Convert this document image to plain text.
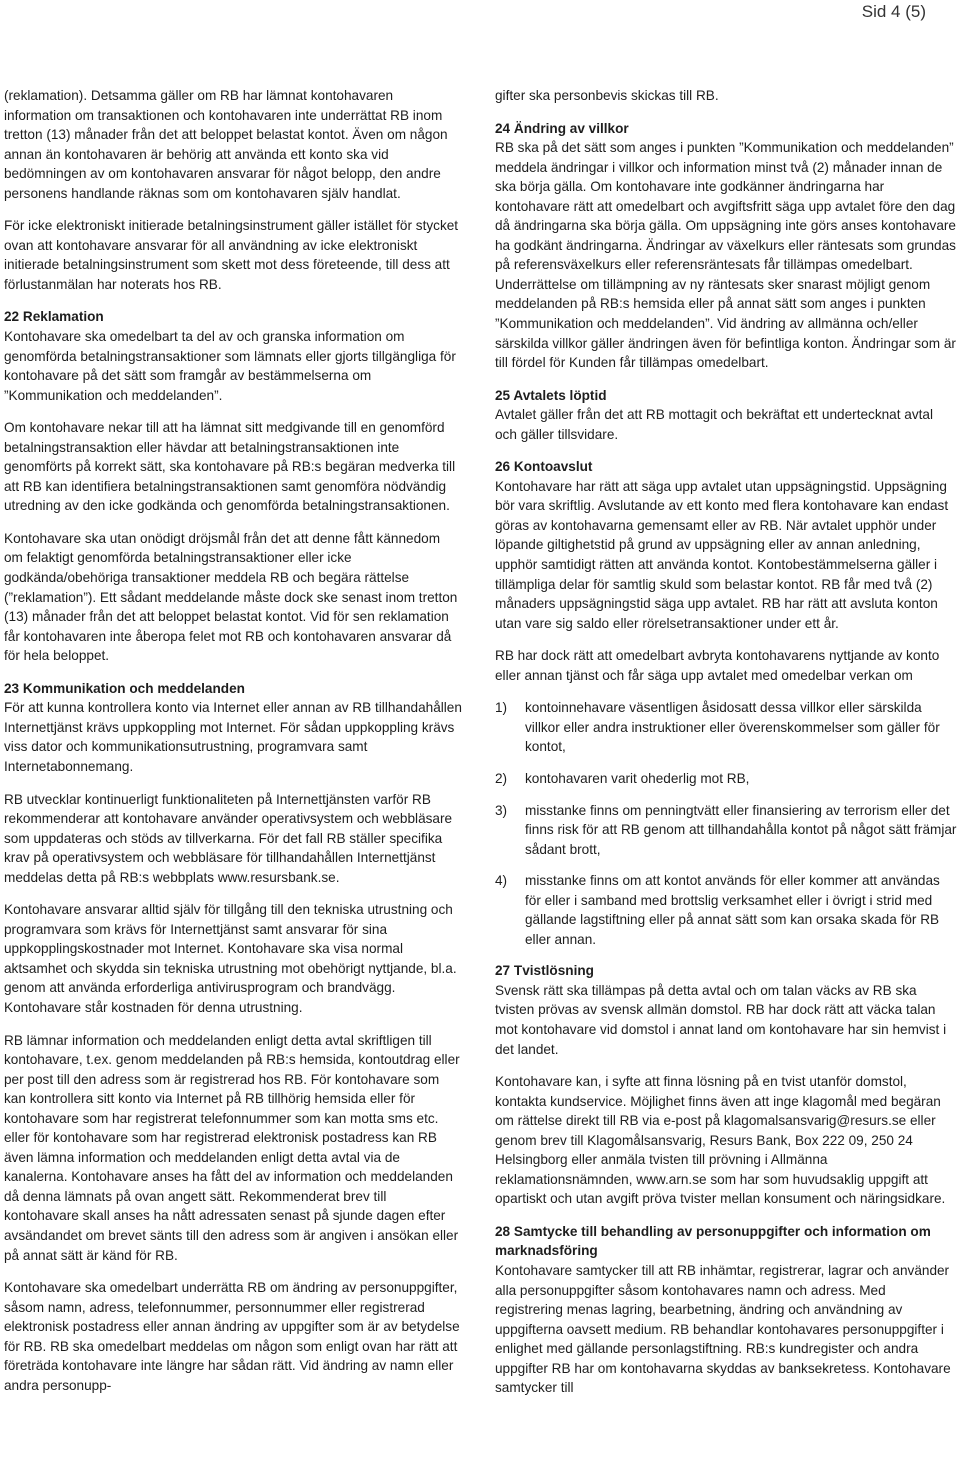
Sid 4 (5)

(reklamation). Detsamma gäller om RB har lämnat kontohavaren information om transaktionen och kontohavaren inte underrättat RB inom tretton (13) månader från det att beloppet belastat kontot. Även om någon annan än kontohavaren är behörig att använda ett konto ska vid bedömningen av om kontohavaren ansvarar för något belopp, den andre personens handlande räknas som om kontohavaren själv handlat.

För icke elektroniskt initierade betalningsinstrument gäller istället för stycket ovan att kontohavare ansvarar för all användning av icke elektroniskt initierade betalningsinstrument som skett mot dess företeende, till dess att förlustanmälan har noterats hos RB.

22 Reklamation

Kontohavare ska omedelbart ta del av och granska information om genomförda betalningstransaktioner som lämnats eller gjorts tillgängliga för kontohavare på det sätt som framgår av bestämmelserna om ”Kommunikation och meddelanden”.

Om kontohavare nekar till att ha lämnat sitt medgivande till en genomförd betalningstransaktion eller hävdar att betalningstransaktionen inte genomförts på korrekt sätt, ska kontohavare på RB:s begäran medverka till att RB kan identifiera betalningstransaktionen samt genomföra nödvändig utredning av den icke godkända och genomförda betalningstransaktionen.

Kontohavare ska utan onödigt dröjsmål från det att denne fått kännedom om felaktigt genomförda betalningstransaktioner eller icke godkända/obehöriga transaktioner meddela RB och begära rättelse (”reklamation”). Ett sådant meddelande måste dock ske senast inom tretton (13) månader från det att beloppet belastat kontot. Vid för sen reklamation får kontohavaren inte åberopa felet mot RB och kontohavaren ansvarar då för hela beloppet.

23 Kommunikation och meddelanden

För att kunna kontrollera konto via Internet eller annan av RB tillhandahållen Internettjänst krävs uppkoppling mot Internet. För sådan uppkoppling krävs viss dator och kommunikationsutrustning, programvara samt Internetabonnemang.

RB utvecklar kontinuerligt funktionaliteten på Internettjänsten varför RB rekommenderar att kontohavare använder operativsystem och webbläsare som uppdateras och stöds av tillverkarna. För det fall RB ställer specifika krav på operativsystem och webbläsare för tillhandahållen Internettjänst meddelas detta på RB:s webbplats www.resursbank.se.

Kontohavare ansvarar alltid själv för tillgång till den tekniska utrustning och programvara som krävs för Internettjänst samt ansvarar för sina uppkopplingskostnader mot Internet. Kontohavare ska visa normal aktsamhet och skydda sin tekniska utrustning mot obehörigt nyttjande, bl.a. genom att använda erforderliga antivirusprogram och brandvägg. Kontohavare står kostnaden för denna utrustning.

RB lämnar information och meddelanden enligt detta avtal skriftligen till kontohavare, t.ex. genom meddelanden på RB:s hemsida, kontoutdrag eller per post till den adress som är registrerad hos RB. För kontohavare som kan kontrollera sitt konto via Internet på RB tillhörig hemsida eller för kontohavare som har registrerat telefonnummer som kan motta sms etc. eller för kontohavare som har registrerad elektronisk postadress kan RB även lämna information och meddelanden enligt detta avtal via de kanalerna. Kontohavare anses ha fått del av information och meddelanden då denna lämnats på ovan angett sätt. Rekommenderat brev till kontohavare skall anses ha nått adressaten senast på sjunde dagen efter avsändandet om brevet sänts till den adress som är angiven i ansökan eller på annat sätt är känd för RB.

Kontohavare ska omedelbart underrätta RB om ändring av personuppgifter, såsom namn, adress, telefonnummer, personnummer eller registrerad elektronisk postadress eller annan ändring av uppgifter som är av betydelse för RB. RB ska omedelbart meddelas om någon som enligt ovan har rätt att företräda kontohavare inte längre har sådan rätt. Vid ändring av namn eller andra personupp-

gifter ska personbevis skickas till RB.

24 Ändring av villkor

RB ska på det sätt som anges i punkten ”Kommunikation och meddelanden” meddela ändringar i villkor och information minst två (2) månader innan de ska börja gälla. Om kontohavare inte godkänner ändringarna har kontohavare rätt att omedelbart och avgiftsfritt säga upp avtalet före den dag då ändringarna ska börja gälla. Om uppsägning inte görs anses kontohavare ha godkänt ändringarna. Ändringar av växelkurs eller räntesats som grundas på referensväxelkurs eller referensräntesats får tillämpas omedelbart. Underrättelse om tillämpning av ny räntesats sker snarast möjligt genom meddelanden på RB:s hemsida eller på annat sätt som anges i punkten ”Kommunikation och meddelanden”. Vid ändring av allmänna och/eller särskilda villkor gäller ändringen även för befintliga konton. Ändringar som är till fördel för Kunden får tillämpas omedelbart.

25 Avtalets löptid

Avtalet gäller från det att RB mottagit och bekräftat ett undertecknat avtal och gäller tillsvidare.

26 Kontoavslut

Kontohavare har rätt att säga upp avtalet utan uppsägningstid. Uppsägning bör vara skriftlig. Avslutande av ett konto med flera kontohavare kan endast göras av kontohavarna gemensamt eller av RB. När avtalet upphör under löpande giltighetstid på grund av uppsägning eller av annan anledning, upphör samtidigt rätten att använda kontot. Kontobestämmelserna gäller i tillämpliga delar för samtlig skuld som belastar kontot. RB får med två (2) månaders uppsägningstid säga upp avtalet. RB har rätt att avsluta konton utan vare sig saldo eller rörelsetransaktioner under ett år.

RB har dock rätt att omedelbart avbryta kontohavarens nyttjande av konto eller annan tjänst och får säga upp avtalet med omedelbar verkan om

1)	kontoinnehavare väsentligen åsidosatt dessa villkor eller särskilda villkor eller andra instruktioner eller överenskommelser som gäller för kontot,
2)	kontohavaren varit ohederlig mot RB,
3)	misstanke finns om penningtvätt eller finansiering av terrorism eller det finns risk för att RB genom att tillhandahålla kontot på något sätt främjar sådant brott,
4)	misstanke finns om att kontot används för eller kommer att användas för eller i samband med brottslig verksamhet eller i övrigt i strid med gällande lagstiftning eller på annat sätt som kan orsaka skada för RB eller annan.
27 Tvistlösning

Svensk rätt ska tillämpas på detta avtal och om talan väcks av RB ska tvisten prövas av svensk allmän domstol. RB har dock rätt att väcka talan mot kontohavare vid domstol i annat land om kontohavare har sin hemvist i det landet.

Kontohavare kan, i syfte att finna lösning på en tvist utanför domstol, kontakta kundservice. Möjlighet finns även att inge klagomål med begäran om rättelse direkt till RB via e-post på klagomalsansvarig@resurs.se eller genom brev till Klagomålsansvarig, Resurs Bank, Box 222 09, 250 24 Helsingborg eller anmäla tvisten till prövning i Allmänna reklamationsnämnden, www.arn.se som har som huvudsaklig uppgift att opartiskt och utan avgift pröva tvister mellan konsument och näringsidkare.

28 Samtycke till behandling av personuppgifter och information om marknadsföring

Kontohavare samtycker till att RB inhämtar, registrerar, lagrar och använder alla personuppgifter såsom kontohavares namn och adress. Med registrering menas lagring, bearbetning, ändring och användning av uppgifterna oavsett medium. RB behandlar kontohavares personuppgifter i enlighet med gällande personlagstiftning. RB:s kundregister och andra uppgifter RB har om kontohavarna skyddas av banksekretess. Kontohavare samtycker till
